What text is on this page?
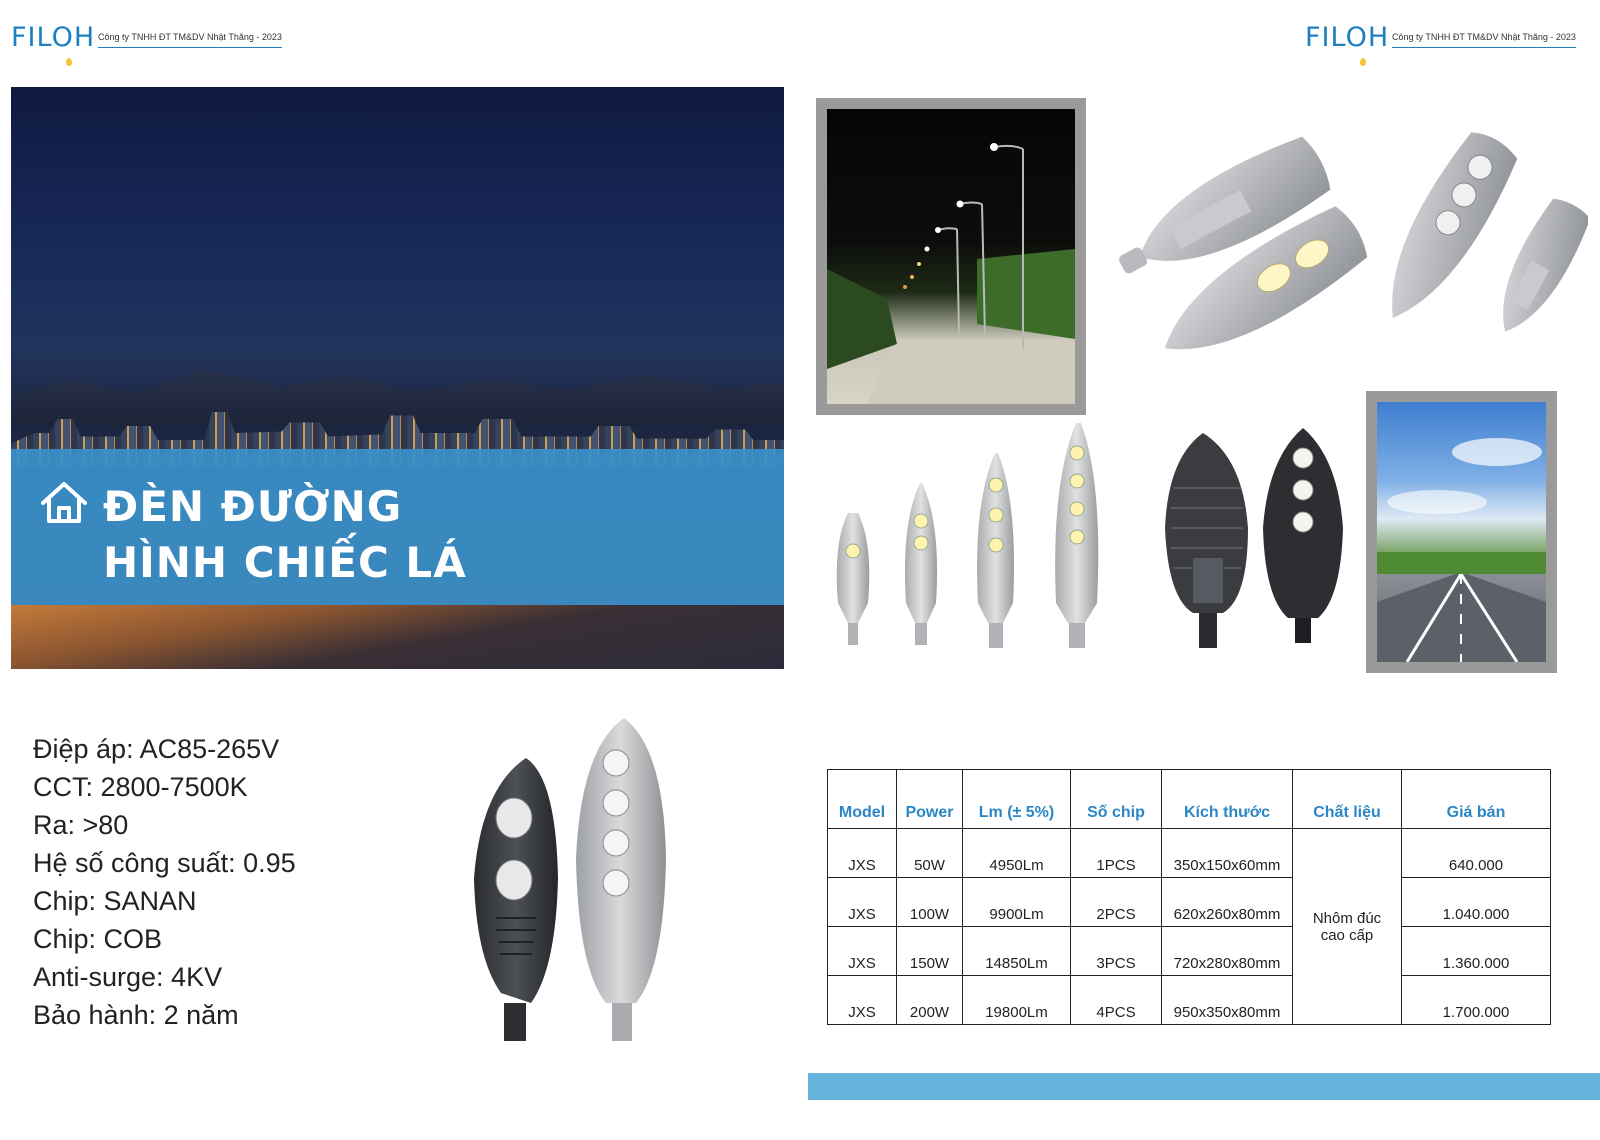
FILOH Công ty TNHH ĐT TM&DV Nhật Thăng - 2023	FILOH Công ty TNHH ĐT TM&DV Nhật Thăng - 2023
ĐÈN ĐƯỜNG
HÌNH CHIẾC LÁ
Điệp áp: AC85-265V
CCT: 2800-7500K
Ra: >80
Hệ số công suất: 0.95
Chip: SANAN
Chip: COB
Anti-surge: 4KV
Bảo hành: 2 năm
Model	Power	Lm (± 5%)	Số chip	Kích thước	Chất liệu	Giá bán
JXS	50W	4950Lm	1PCS	350x150x60mm	Nhôm đúc cao cấp	640.000
JXS	100W	9900Lm	2PCS	620x260x80mm		1.040.000
JXS	150W	14850Lm	3PCS	720x280x80mm		1.360.000
JXS	200W	19800Lm	4PCS	950x350x80mm		1.700.000
